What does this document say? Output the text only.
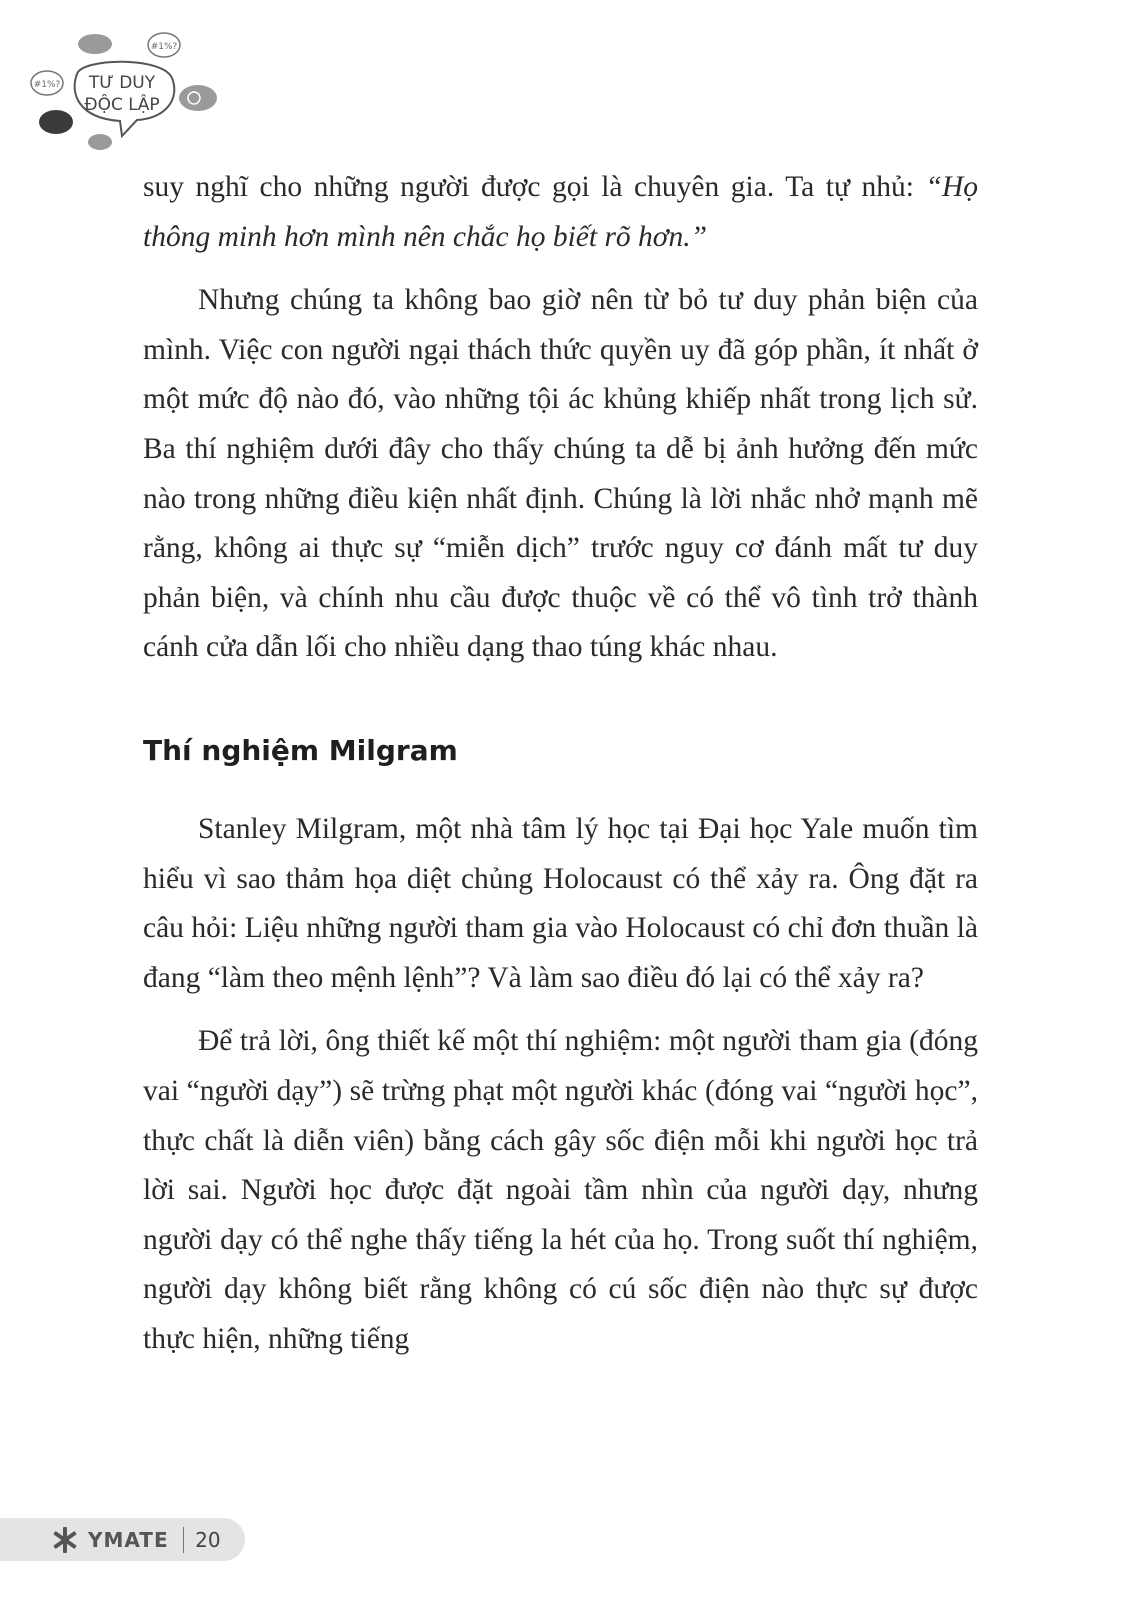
#1%?
#1%? TƯ DUY
ĐỘC LẬP

suy nghĩ cho những người được gọi là chuyên gia. Ta tự nhủ: “Họ thông minh hơn mình nên chắc họ biết rõ hơn.”

Nhưng chúng ta không bao giờ nên từ bỏ tư duy phản biện của mình. Việc con người ngại thách thức quyền uy đã góp phần, ít nhất ở một mức độ nào đó, vào những tội ác khủng khiếp nhất trong lịch sử. Ba thí nghiệm dưới đây cho thấy chúng ta dễ bị ảnh hưởng đến mức nào trong những điều kiện nhất định. Chúng là lời nhắc nhở mạnh mẽ rằng, không ai thực sự “miễn dịch” trước nguy cơ đánh mất tư duy phản biện, và chính nhu cầu được thuộc về có thể vô tình trở thành cánh cửa dẫn lối cho nhiều dạng thao túng khác nhau.

Thí nghiệm Milgram

Stanley Milgram, một nhà tâm lý học tại Đại học Yale muốn tìm hiểu vì sao thảm họa diệt chủng Holocaust có thể xảy ra. Ông đặt ra câu hỏi: Liệu những người tham gia vào Holocaust có chỉ đơn thuần là đang “làm theo mệnh lệnh”? Và làm sao điều đó lại có thể xảy ra?

Để trả lời, ông thiết kế một thí nghiệm: một người tham gia (đóng vai “người dạy”) sẽ trừng phạt một người khác (đóng vai “người học”, thực chất là diễn viên) bằng cách gây sốc điện mỗi khi người học trả lời sai. Người học được đặt ngoài tầm nhìn của người dạy, nhưng người dạy có thể nghe thấy tiếng la hét của họ. Trong suốt thí nghiệm, người dạy không biết rằng không có cú sốc điện nào thực sự được thực hiện, những tiếng

YMATE 20
